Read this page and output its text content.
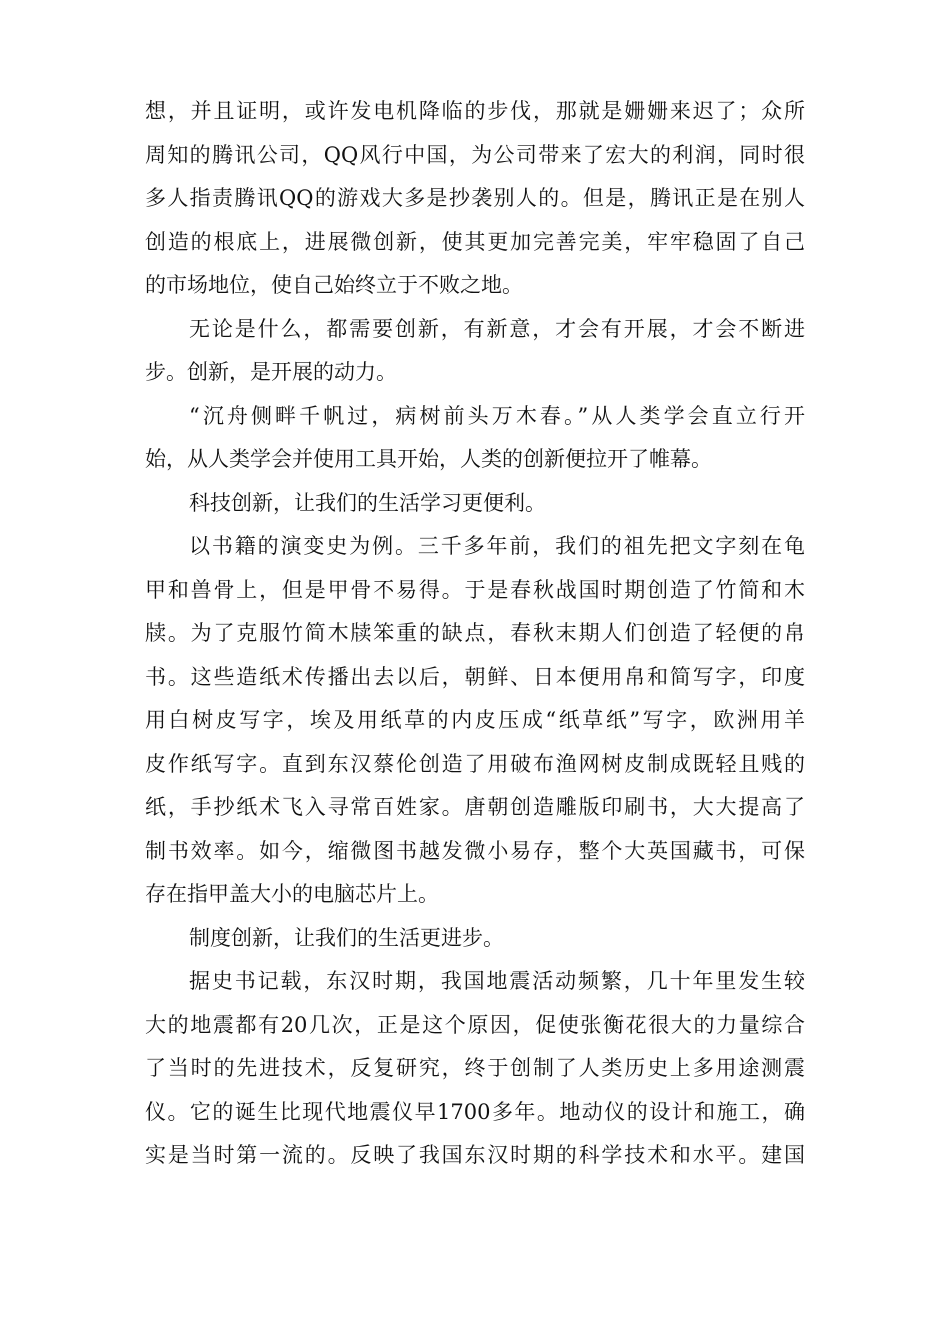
想，并且证明，或许发电机降临的步伐，那就是姗姗来迟了；众所
周知的腾讯公司，QQ风行中国，为公司带来了宏大的利润，同时很
多人指责腾讯QQ的游戏大多是抄袭别人的。但是，腾讯正是在别人
创造的根底上，进展微创新，使其更加完善完美，牢牢稳固了自己
的市场地位，使自己始终立于不败之地。
无论是什么，都需要创新，有新意，才会有开展，才会不断进
步。创新，是开展的动力。
“沉舟侧畔千帆过，病树前头万木春。”从人类学会直立行开
始，从人类学会并使用工具开始，人类的创新便拉开了帷幕。
科技创新，让我们的生活学习更便利。
以书籍的演变史为例。三千多年前，我们的祖先把文字刻在龟
甲和兽骨上，但是甲骨不易得。于是春秋战国时期创造了竹简和木
牍。为了克服竹简木牍笨重的缺点，春秋末期人们创造了轻便的帛
书。这些造纸术传播出去以后，朝鲜、日本便用帛和简写字，印度
用白树皮写字，埃及用纸草的内皮压成“纸草纸”写字，欧洲用羊
皮作纸写字。直到东汉蔡伦创造了用破布渔网树皮制成既轻且贱的
纸，手抄纸术飞入寻常百姓家。唐朝创造雕版印刷书，大大提高了
制书效率。如今，缩微图书越发微小易存，整个大英国藏书，可保
存在指甲盖大小的电脑芯片上。
制度创新，让我们的生活更进步。
据史书记载，东汉时期，我国地震活动频繁，几十年里发生较
大的地震都有20几次，正是这个原因，促使张衡花很大的力量综合
了当时的先进技术，反复研究，终于创制了人类历史上多用途测震
仪。它的诞生比现代地震仪早1700多年。地动仪的设计和施工，确
实是当时第一流的。反映了我国东汉时期的科学技术和水平。建国
